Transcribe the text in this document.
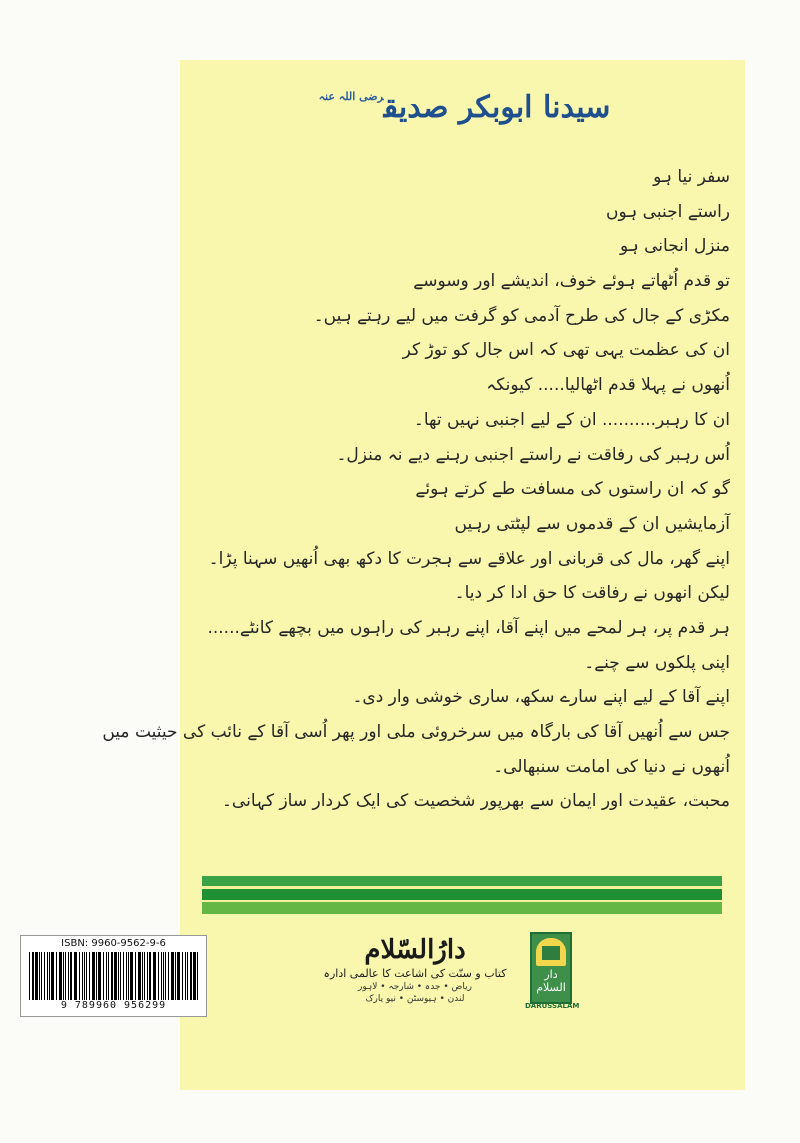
سیدنا ابوبکر صدیق$^{رضی اللہ عنہ}$
سفر نیا ہو
راستے اجنبی ہوں
منزل انجانی ہو
تو قدم اُٹھاتے ہوئے خوف، اندیشے اور وسوسے
مکڑی کے جال کی طرح آدمی کو گرفت میں لیے رہتے ہیں۔
ان کی عظمت یہی تھی کہ اس جال کو توڑ کر
اُنھوں نے پہلا قدم اٹھالیا..... کیونکہ
ان کا رہبر.......... ان کے لیے اجنبی نہیں تھا۔
اُس رہبر کی رفاقت نے راستے اجنبی رہنے دیے نہ منزل۔
گو کہ ان راستوں کی مسافت طے کرتے ہوئے
آزمایشیں ان کے قدموں سے لپٹتی رہیں
اپنے گھر، مال کی قربانی اور علاقے سے ہجرت کا دکھ بھی اُنھیں سہنا پڑا۔
لیکن انھوں نے رفاقت کا حق ادا کر دیا۔
ہر قدم پر، ہر لمحے میں اپنے آقا، اپنے رہبر کی راہوں میں بچھے کانٹے......
اپنی پلکوں سے چنے۔
اپنے آقا کے لیے اپنے سارے سکھ، ساری خوشی وار دی۔
جس سے اُنھیں آقا کی بارگاہ میں سرخروئی ملی اور پھر اُسی آقا کے نائب کی حیثیت میں
اُنھوں نے دنیا کی امامت سنبھالی۔
محبت، عقیدت اور ایمان سے بھرپور شخصیت کی ایک کردار ساز کہانی۔
ISBN: 9960-9562-9-6
9 789960 956299
دارُالسّلام
کتاب و سنّت کی اشاعت کا عالمی ادارہ
ریاض • جدہ • شارجہ • لاہور
لندن • ہیوسٹن • نیو یارک
دار السلام
DARUSSALAM
